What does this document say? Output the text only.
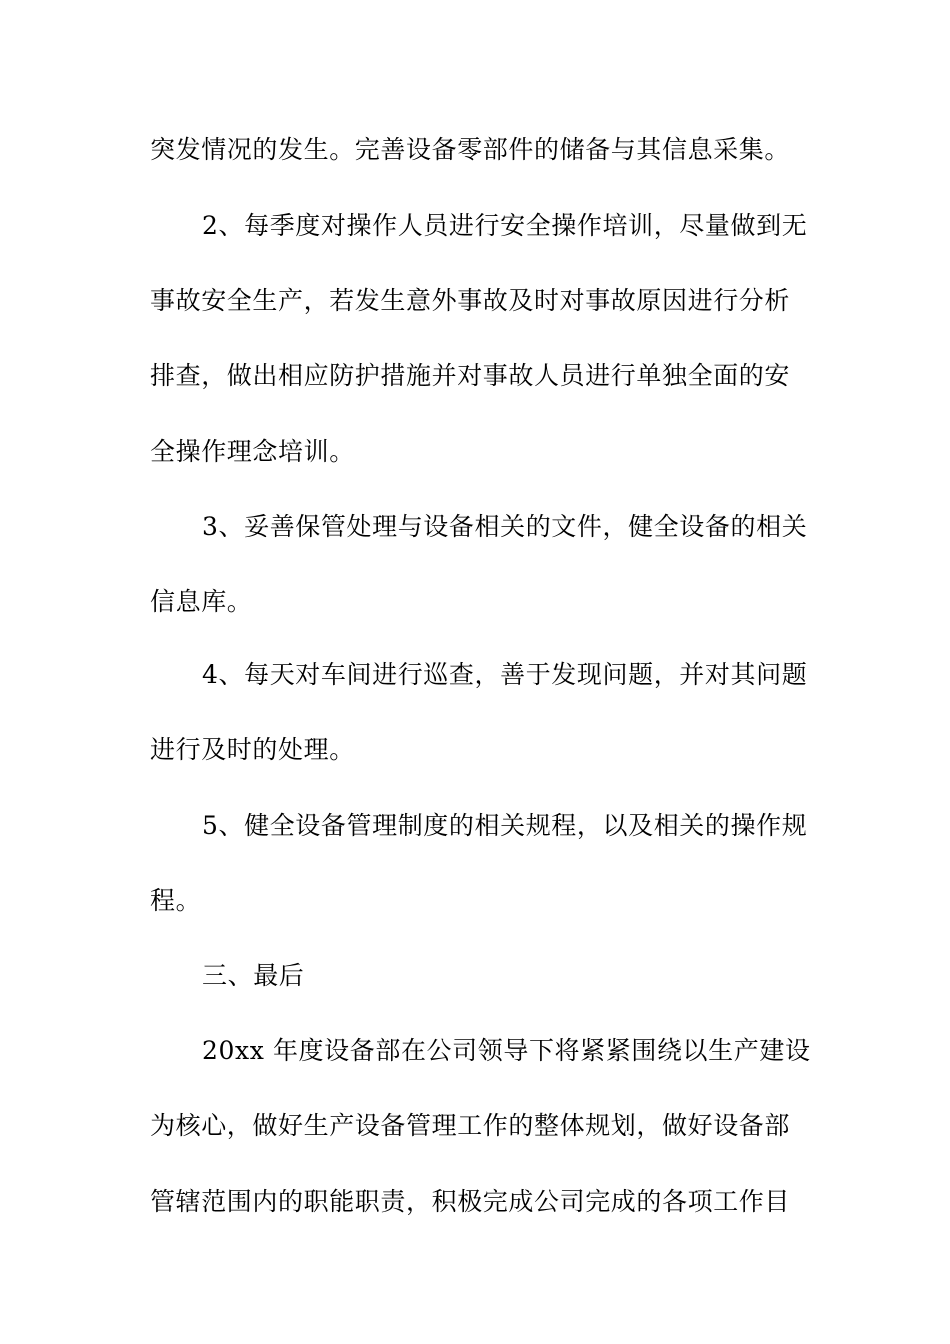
突发情况的发生。完善设备零部件的储备与其信息采集。
2、每季度对操作人员进行安全操作培训，尽量做到无
事故安全生产，若发生意外事故及时对事故原因进行分析
排查，做出相应防护措施并对事故人员进行单独全面的安
全操作理念培训。
3、妥善保管处理与设备相关的文件，健全设备的相关
信息库。
4、每天对车间进行巡查，善于发现问题，并对其问题
进行及时的处理。
5、健全设备管理制度的相关规程，以及相关的操作规
程。
三、最后
20xx 年度设备部在公司领导下将紧紧围绕以生产建设
为核心，做好生产设备管理工作的整体规划，做好设备部
管辖范围内的职能职责，积极完成公司完成的各项工作目
